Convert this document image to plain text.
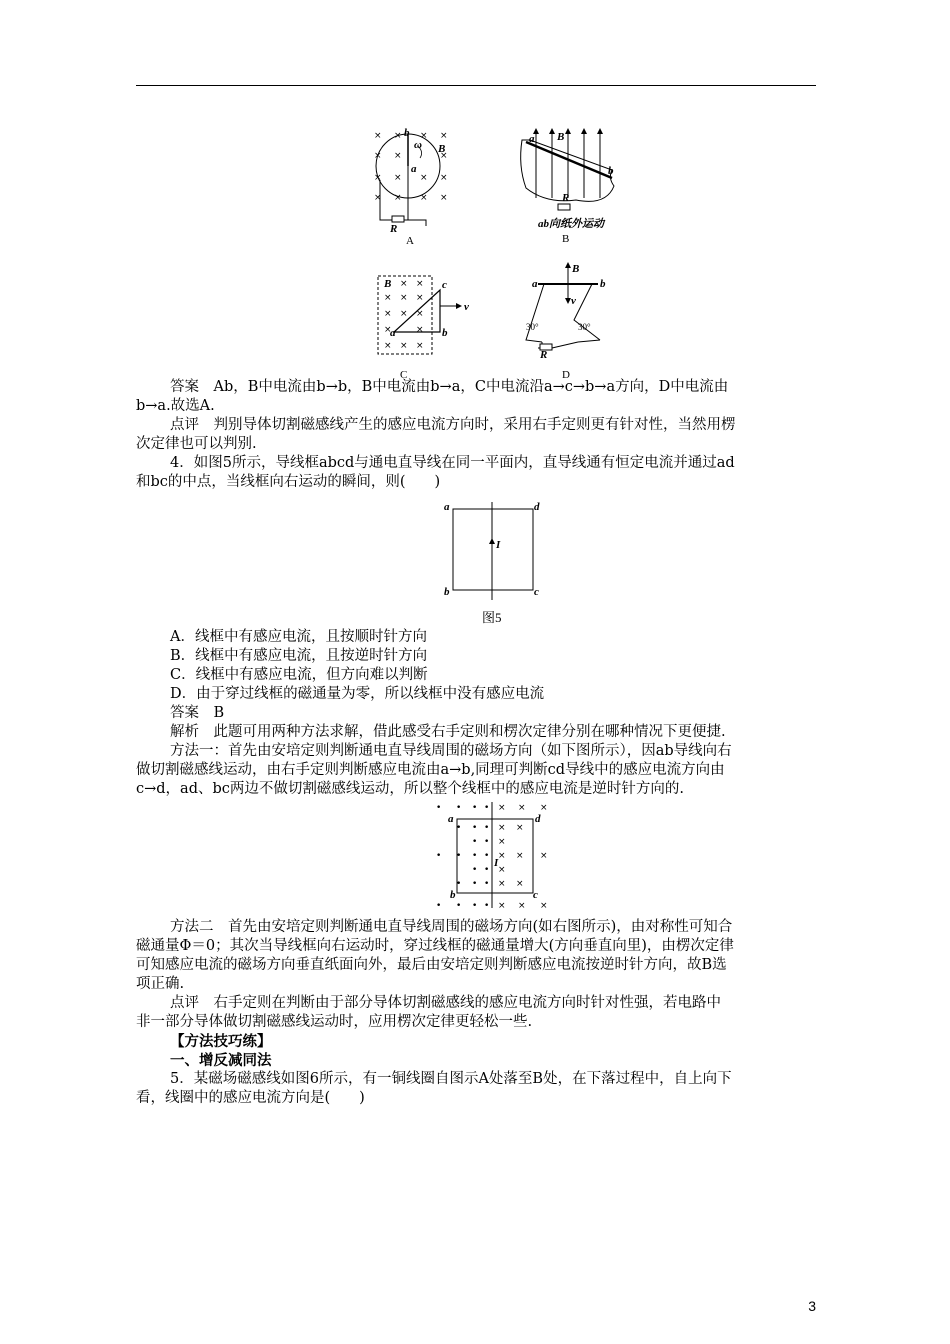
× × × ×
× ×	×
× × × ×
× × × ×
b
ω B
a
R
A
a B
b
R
ab向纸外运动
B
× ×
× × ×
× × ×
×	×
× × ×
B
a	b
c
v
C
a	b
B
v
30°	30°
R
D
答案　Ab，B中电流由b→b，B中电流由b→a，C中电流沿a→c→b→a方向，D中电流由
b→a.故选A.
点评　判别导体切割磁感线产生的感应电流方向时，采用右手定则更有针对性，当然用楞
次定律也可以判别.
4．如图5所示，导线框abcd与通电直导线在同一平面内，直导线通有恒定电流并通过ad
和bc的中点，当线框向右运动的瞬间，则(　　)
a	d
b	c
I
图5
A．线框中有感应电流，且按顺时针方向
B．线框中有感应电流，且按逆时针方向
C．线框中有感应电流，但方向难以判断
D．由于穿过线框的磁通量为零，所以线框中没有感应电流
答案　B
解析　此题可用两种方法求解，借此感受右手定则和楞次定律分别在哪种情况下更便捷.
方法一：首先由安培定则判断通电直导线周围的磁场方向（如下图所示），因ab导线向右
做切割磁感线运动，由右手定则判断感应电流由a→b,同理可判断cd导线中的感应电流方向由
c→d，ad、bc两边不做切割磁感线运动，所以整个线框中的感应电流是逆时针方向的.
• • • • × × ×
• • • × ×
• • ×
• • • • × × ×
• • ×
• • • × ×
• • • • × × ×
a	d
b	c
I
方法二　首先由安培定则判断通电直导线周围的磁场方向(如右图所示)，由对称性可知合
磁通量Φ＝0；其次当导线框向右运动时，穿过线框的磁通量增大(方向垂直向里)，由楞次定律
可知感应电流的磁场方向垂直纸面向外，最后由安培定则判断感应电流按逆时针方向，故B选
项正确.
点评　右手定则在判断由于部分导体切割磁感线的感应电流方向时针对性强，若电路中
非一部分导体做切割磁感线运动时，应用楞次定律更轻松一些.
【方法技巧练】
一、增反减同法
5．某磁场磁感线如图6所示，有一铜线圈自图示A处落至B处，在下落过程中，自上向下
看，线圈中的感应电流方向是(　　)
3
